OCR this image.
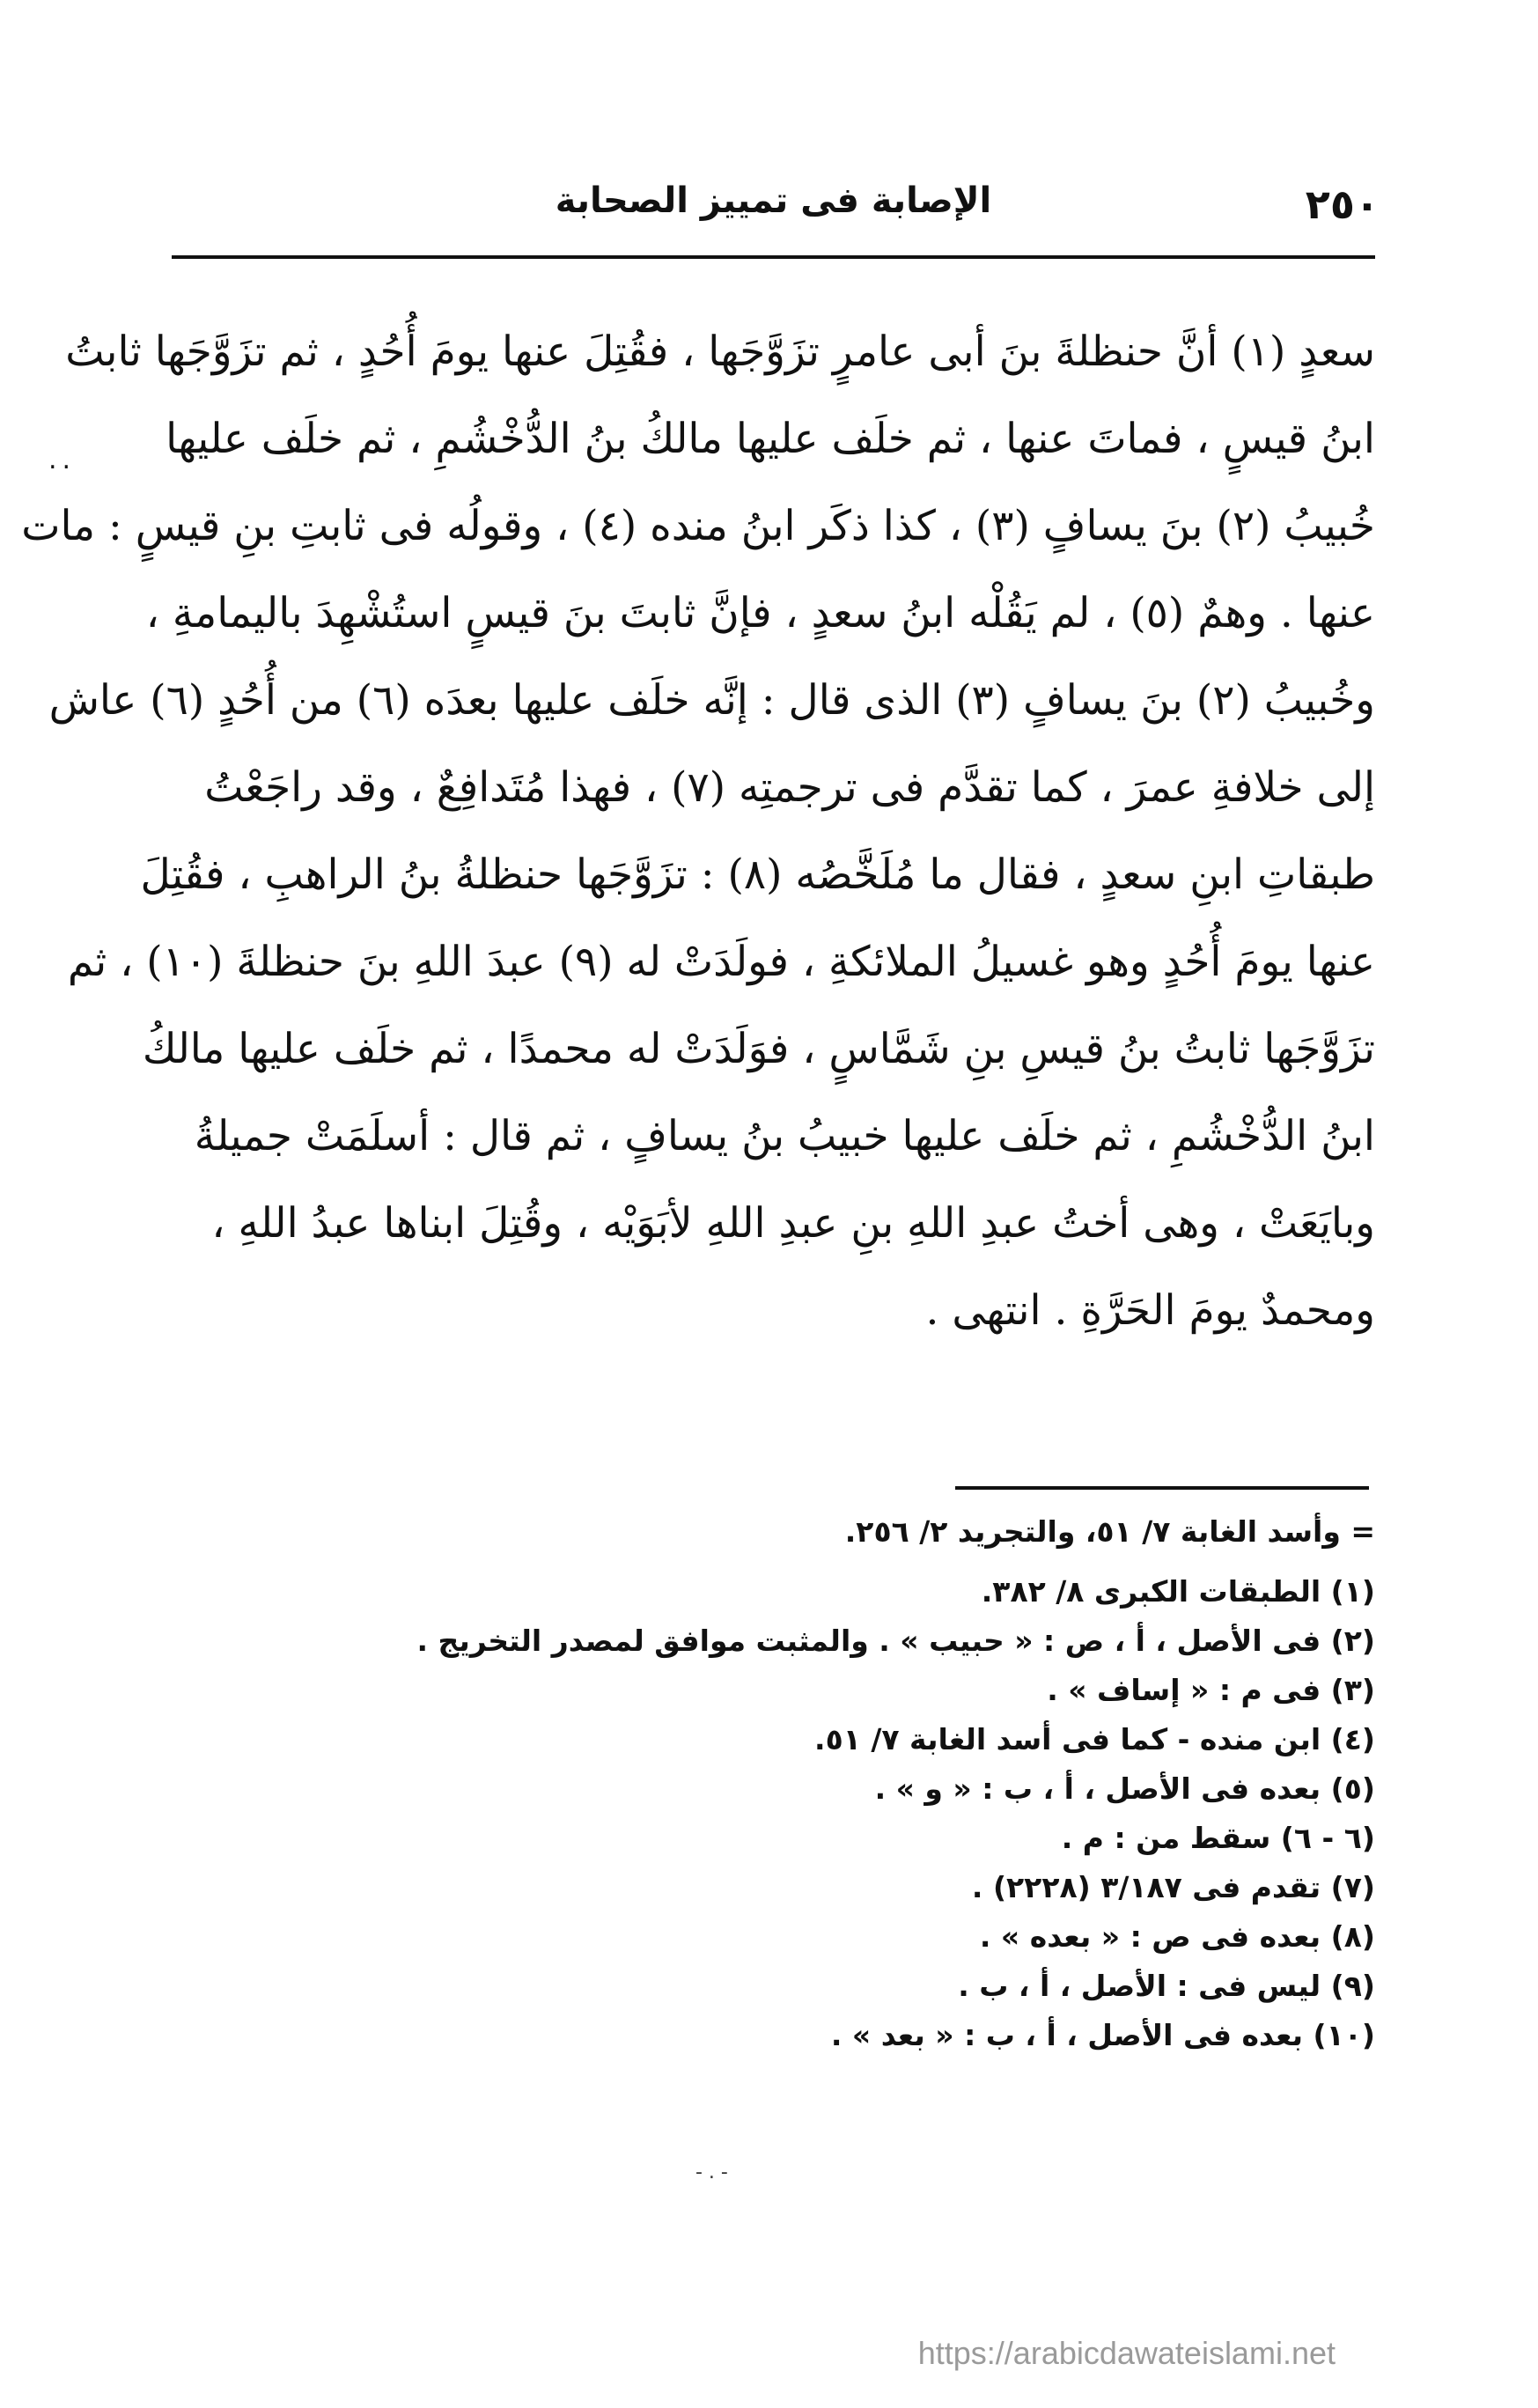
٢٥٠
الإصابة فى تمييز الصحابة
..
سعدٍ (١) أنَّ حنظلةَ بنَ أبى عامرٍ تزَوَّجَها ، فقُتِلَ عنها يومَ أُحُدٍ ، ثم تزَوَّجَها ثابتُ
ابنُ قيسٍ ، فماتَ عنها ، ثم خلَف عليها مالكُ بنُ الدُّخْشُمِ ، ثم خلَف عليها
خُبيبُ (٢) بنَ يسافٍ (٣) ، كذا ذكَر ابنُ منده (٤) ، وقولُه فى ثابتِ بنِ قيسٍ : مات
عنها . وهمٌ (٥) ، لم يَقُلْه ابنُ سعدٍ ، فإنَّ ثابتَ بنَ قيسٍ استُشْهِدَ باليمامةِ ،
وخُبيبُ (٢) بنَ يسافٍ (٣) الذى قال : إنَّه خلَف عليها بعدَه (٦) من أُحُدٍ (٦) عاش
إلى خلافةِ عمرَ ، كما تقدَّم فى ترجمتِه (٧) ، فهذا مُتَدافِعٌ ، وقد راجَعْتُ
طبقاتِ ابنِ سعدٍ ، فقال ما مُلَخَّصُه (٨) : تزَوَّجَها حنظلةُ بنُ الراهبِ ، فقُتِلَ
عنها يومَ أُحُدٍ وهو غسيلُ الملائكةِ ، فولَدَتْ له (٩) عبدَ اللهِ بنَ حنظلةَ (١٠) ، ثم
تزَوَّجَها ثابتُ بنُ قيسِ بنِ شَمَّاسٍ ، فوَلَدَتْ له محمدًا ، ثم خلَف عليها مالكُ
ابنُ الدُّخْشُمِ ، ثم خلَف عليها خبيبُ بنُ يسافٍ ، ثم قال : أسلَمَتْ جميلةُ
وبايَعَتْ ، وهى أختُ عبدِ اللهِ بنِ عبدِ اللهِ لأبَوَيْه ، وقُتِلَ ابناها عبدُ اللهِ ،
ومحمدٌ يومَ الحَرَّةِ . انتهى .
= وأسد الغابة ٧/ ٥١، والتجريد ٢/ ٢٥٦.
(١) الطبقات الكبرى ٨/ ٣٨٢.
(٢) فى الأصل ، أ ، ص : « حبيب » . والمثبت موافق لمصدر التخريج .
(٣) فى م : « إساف » .
(٤) ابن منده - كما فى أسد الغابة ٧/ ٥١.
(٥) بعده فى الأصل ، أ ، ب : « و » .
(٦ - ٦) سقط من : م .
(٧) تقدم فى ٣/١٨٧ (٢٢٢٨) .
(٨) بعده فى ص : « بعده » .
(٩) ليس فى : الأصل ، أ ، ب .
(١٠) بعده فى الأصل ، أ ، ب : « بعد » .
- . -
https://arabicdawateislami.net
